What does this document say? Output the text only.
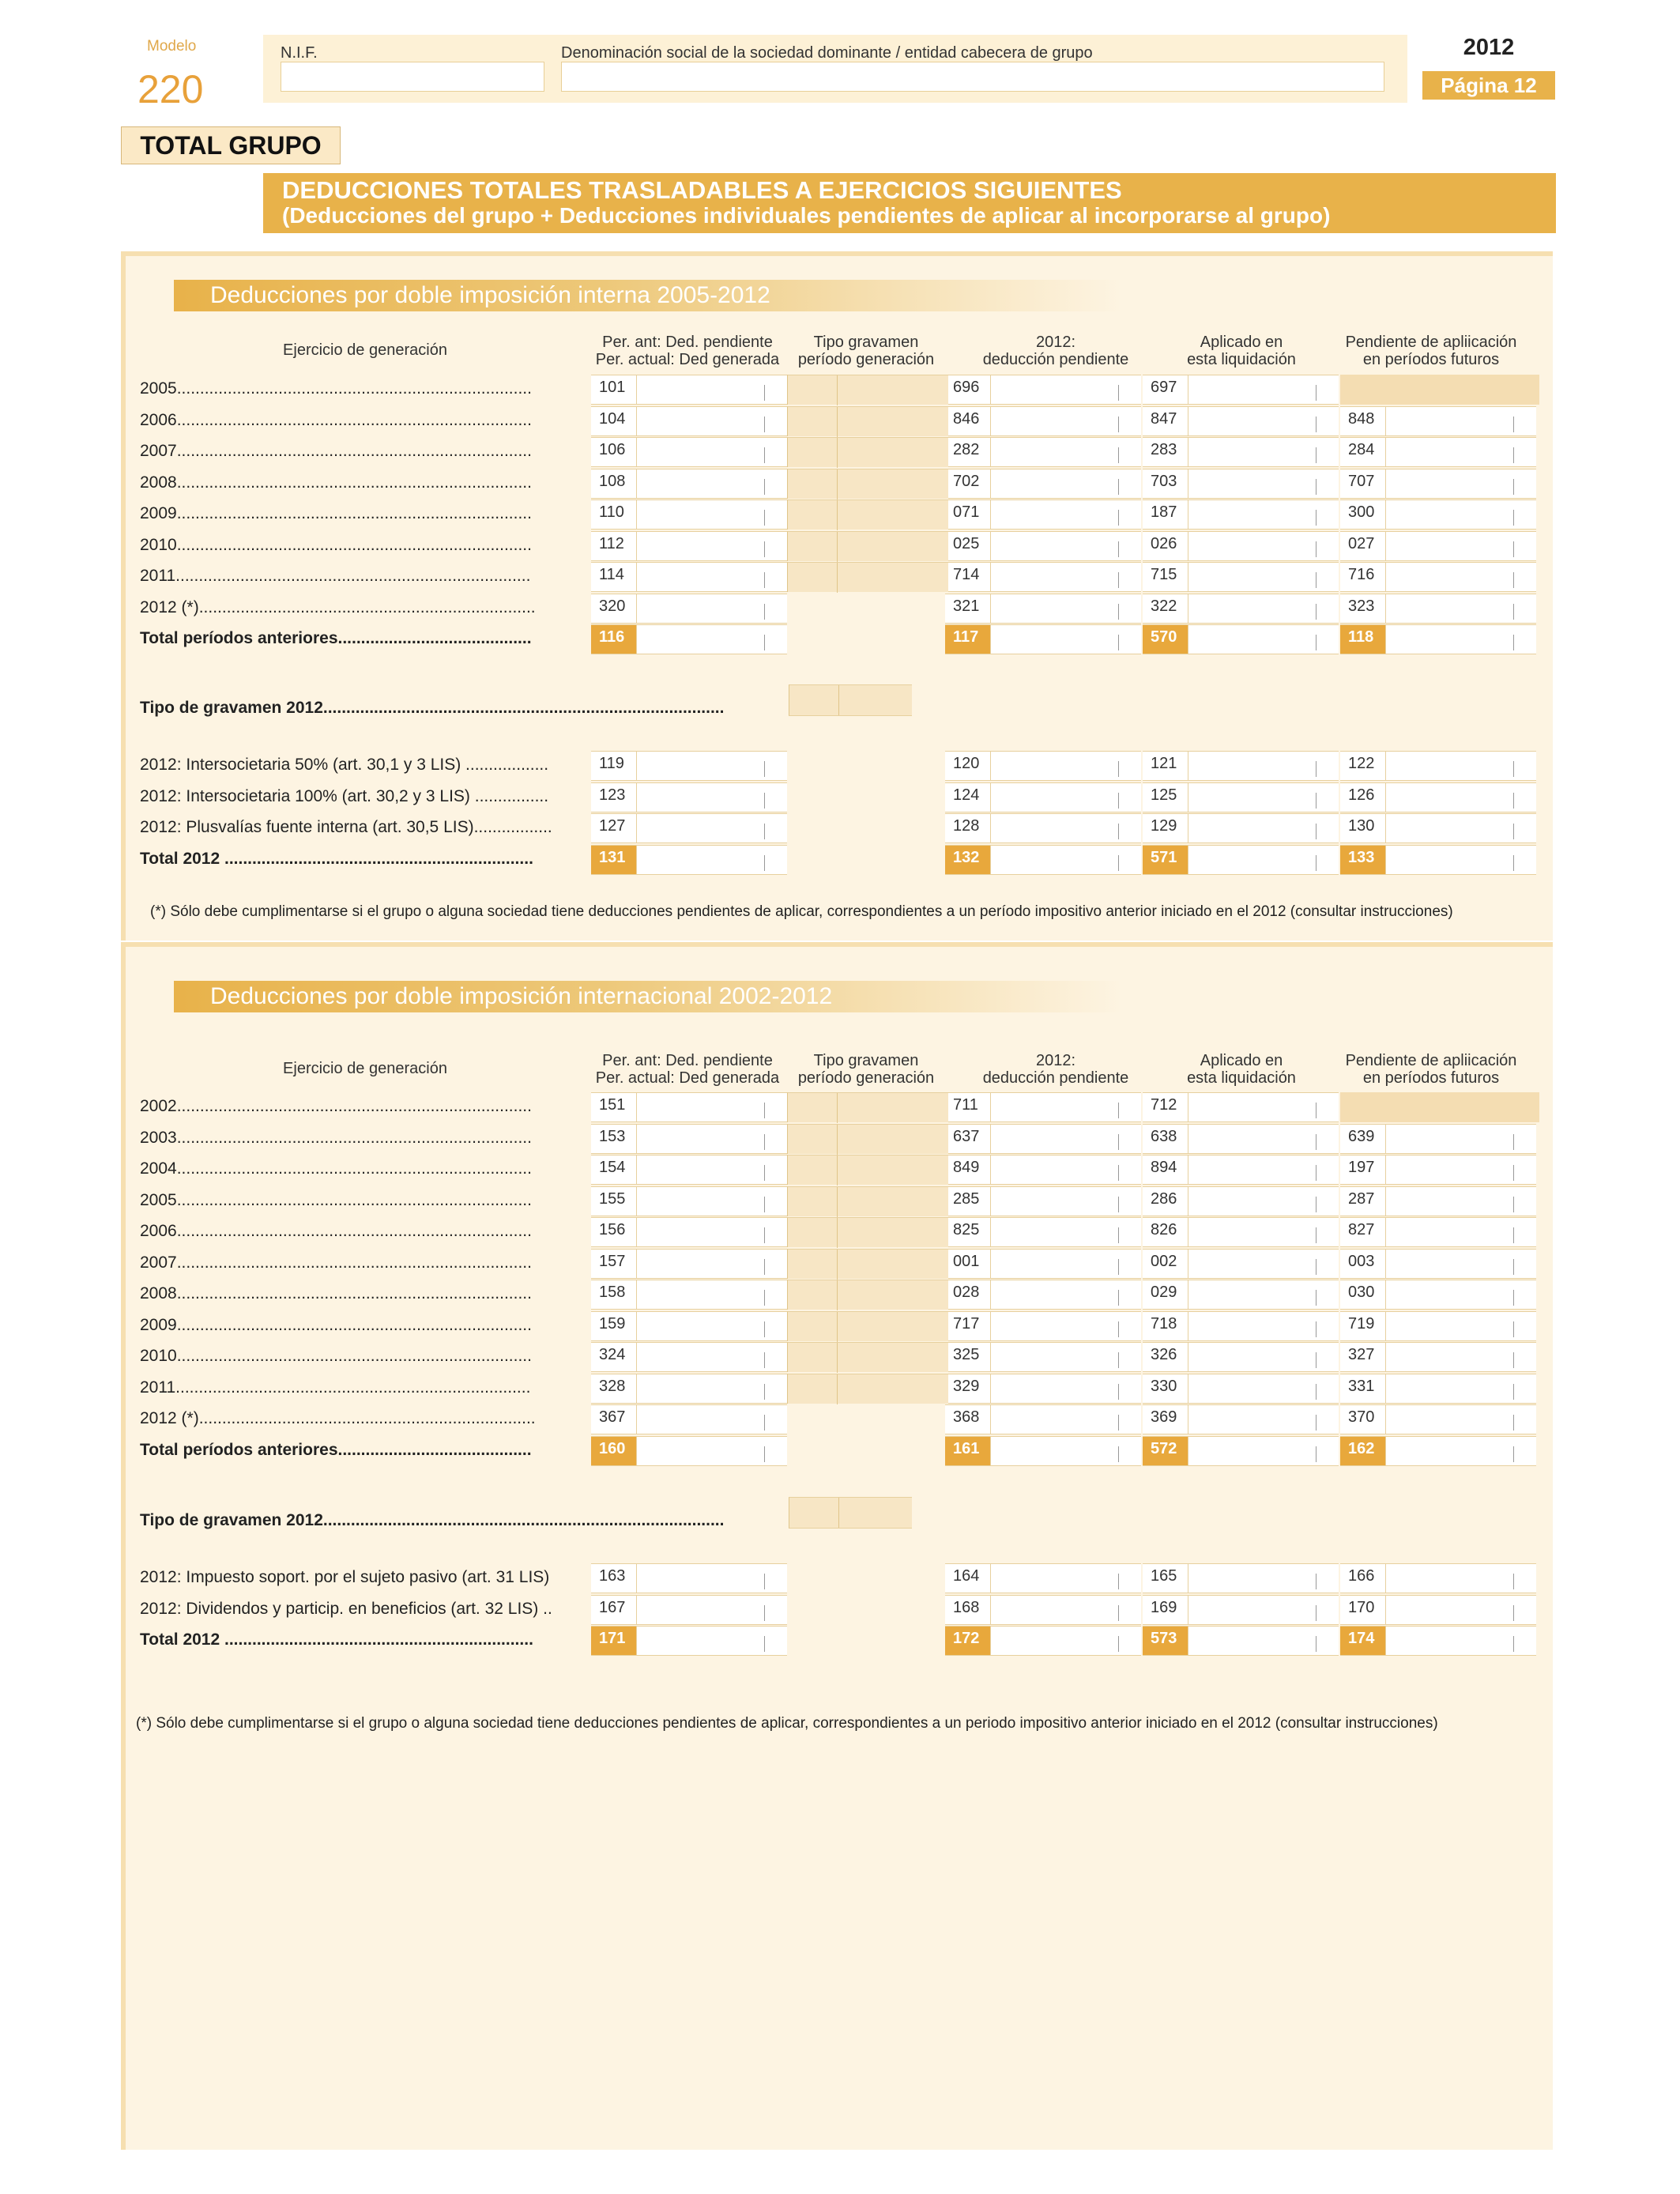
Modelo
220
N.I.F.	Denominación social de la sociedad dominante / entidad cabecera de grupo	2012
Página 12
TOTAL GRUPO
DEDUCCIONES TOTALES TRASLADABLES A EJERCICIOS SIGUIENTES
(Deducciones del grupo + Deducciones individuales pendientes de aplicar al incorporarse al grupo)
Deducciones por doble imposición interna 2005-2012
Ejercicio de generación	Per. ant: Ded. pendiente
Per. actual: Ded generada
Tipo gravamen
período generación
2012:
deducción pendiente
Aplicado en
esta liquidación
Pendiente de apliicación
en períodos futuros
2005.............................................................................	101	696	697
2006.............................................................................	104	846	847	848
2007.............................................................................	106	282	283	284
2008.............................................................................	108	702	703	707
2009.............................................................................	110	071	187	300
2010.............................................................................	112	025	026	027
2011.............................................................................	114	714	715	716
2012 (*).........................................................................	320	321	322	323
Total períodos anteriores..........................................	116	117	570	118
Tipo de gravamen 2012.......................................................................................
2012: Intersocietaria 50% (art. 30,1 y 3 LIS) ..................	119	120	121	122
2012: Intersocietaria 100% (art. 30,2 y 3 LIS) ................	123	124	125	126
2012: Plusvalías fuente interna (art. 30,5 LIS).................	127	128	129	130
Total 2012 ...................................................................	131	132	571	133
(*) Sólo debe cumplimentarse si el grupo o alguna sociedad tiene deducciones pendientes de aplicar, correspondientes a un período impositivo anterior iniciado en el 2012 (consultar instrucciones)
Deducciones por doble imposición internacional 2002-2012
Ejercicio de generación	Per. ant: Ded. pendiente
Per. actual: Ded generada
Tipo gravamen
período generación
2012:
deducción pendiente
Aplicado en
esta liquidación
Pendiente de apliicación
en períodos futuros
2002.............................................................................	151	711	712
2003.............................................................................	153	637	638	639
2004.............................................................................	154	849	894	197
2005.............................................................................	155	285	286	287
2006.............................................................................	156	825	826	827
2007.............................................................................	157	001	002	003
2008.............................................................................	158	028	029	030
2009.............................................................................	159	717	718	719
2010.............................................................................	324	325	326	327
2011.............................................................................	328	329	330	331
2012 (*).........................................................................	367	368	369	370
Total períodos anteriores..........................................	160	161	572	162
Tipo de gravamen 2012.......................................................................................
2012: Impuesto soport. por el sujeto pasivo (art. 31 LIS)	163	164	165	166
2012: Dividendos y particip. en beneficios (art. 32 LIS) ..	167	168	169	170
Total 2012 ...................................................................	171	172	573	174
(*) Sólo debe cumplimentarse si el grupo o alguna sociedad tiene deducciones pendientes de aplicar, correspondientes a un periodo impositivo anterior iniciado en el 2012 (consultar instrucciones)
